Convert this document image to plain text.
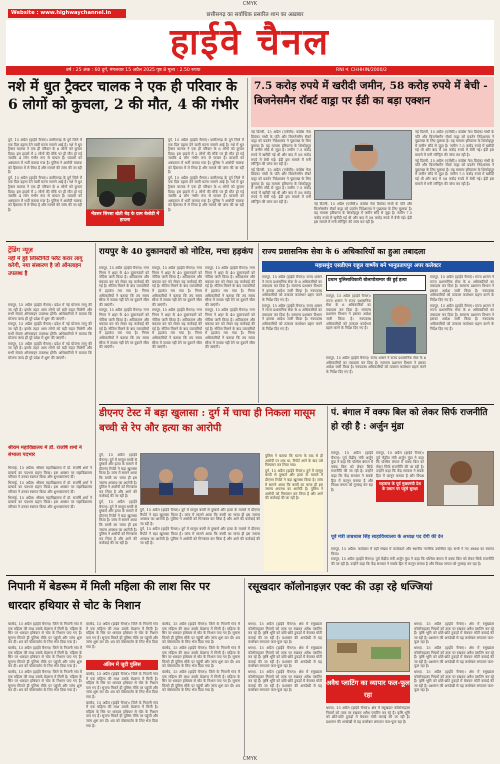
Website : www.highwaychannel.in
CMYK
छत्तीसगढ़ का सर्वाधिक प्रसारित शाम का अख़बार
हाईवे चैनल
वर्ष : 25 अंक : 60 दुर्ग, मंगलवार 15 अप्रैल 2025 पृष्ठ 8 मूल्य : 2.50 रुपया	RNI नं. CHHHIN/2000/2
नशे में धुत ट्रैक्टर चालक ने एक ही परिवार के 6 लोगों को कुचला, 2 की मौत, 4 की गंभीर

दुर्ग, 15 अप्रैल (हाईवे चैनल)। छत्तीसगढ़ के दुर्ग जिले में एक दिल दहला देने वाली घटना सामने आई है। नशे में धुत ट्रैक्टर चालक ने एक ही परिवार के 6 लोगों को कुचल दिया। इस हादसे में 2 लोगों की मौके पर ही मौत हो गई जबकि 4 लोग गंभीर रूप से घायल हैं। घायलों को अस्पताल में भर्ती कराया गया है। पुलिस ने आरोपी चालक को हिरासत में ले लिया है और मामले की जांच की जा रही है।

दुर्ग, 15 अप्रैल (हाईवे चैनल)। छत्तीसगढ़ के दुर्ग जिले में एक दिल दहला देने वाली घटना सामने आई है। नशे में धुत ट्रैक्टर चालक ने एक ही परिवार के 6 लोगों को कुचल दिया। इस हादसे में 2 लोगों की मौके पर ही मौत हो गई जबकि 4 लोग गंभीर रूप से घायल हैं। घायलों को अस्पताल में भर्ती कराया गया है। पुलिस ने आरोपी चालक को हिरासत में ले लिया है और मामले की जांच की जा रही है।

भेंडसर सिरसा खेती बेड़ के ग्राम बेलोडी में हादसा

दुर्ग, 15 अप्रैल (हाईवे चैनल)। छत्तीसगढ़ के दुर्ग जिले में एक दिल दहला देने वाली घटना सामने आई है। नशे में धुत ट्रैक्टर चालक ने एक ही परिवार के 6 लोगों को कुचल दिया। इस हादसे में 2 लोगों की मौके पर ही मौत हो गई जबकि 4 लोग गंभीर रूप से घायल हैं। घायलों को अस्पताल में भर्ती कराया गया है। पुलिस ने आरोपी चालक को हिरासत में ले लिया है और मामले की जांच की जा रही है।

दुर्ग, 15 अप्रैल (हाईवे चैनल)। छत्तीसगढ़ के दुर्ग जिले में एक दिल दहला देने वाली घटना सामने आई है। नशे में धुत ट्रैक्टर चालक ने एक ही परिवार के 6 लोगों को कुचल दिया। इस हादसे में 2 लोगों की मौके पर ही मौत हो गई जबकि 4 लोग गंभीर रूप से घायल हैं। घायलों को अस्पताल में भर्ती कराया गया है। पुलिस ने आरोपी चालक को हिरासत में ले लिया है और मामले की जांच की जा रही है।

7.5 करोड़ रुपये में खरीदी जमीन, 58 करोड़ रुपये में बेची - बिजनेसमैन रॉबर्ट वाड्रा पर ईडी का बड़ा एक्शन

नई दिल्ली, 15 अप्रैल (एजेंसी)। कांग्रेस नेता प्रियंका गांधी के पति और बिजनेसमैन रॉबर्ट वाड्रा को प्रवर्तन निदेशालय ने पूछताछ के लिए बुलाया है। यह मामला हरियाणा के शिकोहपुर में जमीन सौदे से जुड़ा है। जमीन 7.5 करोड़ रुपये में खरीदी गई थी और बाद में 58 करोड़ रुपये में बेची गई। ईडी इस मामले में मनी लॉन्ड्रिंग की जांच कर रही है।

नई दिल्ली, 15 अप्रैल (एजेंसी)। कांग्रेस नेता प्रियंका गांधी के पति और बिजनेसमैन रॉबर्ट वाड्रा को प्रवर्तन निदेशालय ने पूछताछ के लिए बुलाया है। यह मामला हरियाणा के शिकोहपुर में जमीन सौदे से जुड़ा है। जमीन 7.5 करोड़ रुपये में खरीदी गई थी और बाद में 58 करोड़ रुपये में बेची गई। ईडी इस मामले में मनी लॉन्ड्रिंग की जांच कर रही है।

नई दिल्ली, 15 अप्रैल (एजेंसी)। कांग्रेस नेता प्रियंका गांधी के पति और बिजनेसमैन रॉबर्ट वाड्रा को प्रवर्तन निदेशालय ने पूछताछ के लिए बुलाया है। यह मामला हरियाणा के शिकोहपुर में जमीन सौदे से जुड़ा है। जमीन 7.5 करोड़ रुपये में खरीदी गई थी और बाद में 58 करोड़ रुपये में बेची गई। ईडी इस मामले में मनी लॉन्ड्रिंग की जांच कर रही है।

नई दिल्ली, 15 अप्रैल (एजेंसी)। कांग्रेस नेता प्रियंका गांधी के पति और बिजनेसमैन रॉबर्ट वाड्रा को प्रवर्तन निदेशालय ने पूछताछ के लिए बुलाया है। यह मामला हरियाणा के शिकोहपुर में जमीन सौदे से जुड़ा है। जमीन 7.5 करोड़ रुपये में खरीदी गई थी और बाद में 58 करोड़ रुपये में बेची गई। ईडी इस मामले में मनी लॉन्ड्रिंग की जांच कर रही है।

नई दिल्ली, 15 अप्रैल (एजेंसी)। कांग्रेस नेता प्रियंका गांधी के पति और बिजनेसमैन रॉबर्ट वाड्रा को प्रवर्तन निदेशालय ने पूछताछ के लिए बुलाया है। यह मामला हरियाणा के शिकोहपुर में जमीन सौदे से जुड़ा है। जमीन 7.5 करोड़ रुपये में खरीदी गई थी और बाद में 58 करोड़ रुपये में बेची गई। ईडी इस मामले में मनी लॉन्ड्रिंग की जांच कर रही है।

ट्रेंडिंग न्यूज़
नहीं में हुई लिस्टिंगिंटी फ्लैट करार लागू करेगी, नया संस्करण है जो ऑनलाइन उपलब्ध है

रायपुर, 15 अप्रैल (हाईवे चैनल)। प्रदेश में नई योजना लागू की जा रही है। इसके तहत आम लोगों को बड़ी राहत मिलेगी और सभी सेवाएं ऑनलाइन उपलब्ध होंगी। अधिकारियों ने बताया कि योजना जल्द ही पूरे प्रदेश में शुरू की जाएगी।

रायपुर, 15 अप्रैल (हाईवे चैनल)। प्रदेश में नई योजना लागू की जा रही है। इसके तहत आम लोगों को बड़ी राहत मिलेगी और सभी सेवाएं ऑनलाइन उपलब्ध होंगी। अधिकारियों ने बताया कि योजना जल्द ही पूरे प्रदेश में शुरू की जाएगी।

रायपुर, 15 अप्रैल (हाईवे चैनल)। प्रदेश में नई योजना लागू की जा रही है। इसके तहत आम लोगों को बड़ी राहत मिलेगी और सभी सेवाएं ऑनलाइन उपलब्ध होंगी। अधिकारियों ने बताया कि योजना जल्द ही पूरे प्रदेश में शुरू की जाएगी।

श्रीराम महाविद्यालय में डॉ. राजर्षि शर्मा ने संभाला पदभार

भिलाई, 15 अप्रैल। श्रीराम महाविद्यालय में डॉ. राजर्षि शर्मा ने प्राचार्य का पदभार ग्रहण किया। इस अवसर पर महाविद्यालय परिवार ने उनका स्वागत किया और शुभकामनाएं दीं।

भिलाई, 15 अप्रैल। श्रीराम महाविद्यालय में डॉ. राजर्षि शर्मा ने प्राचार्य का पदभार ग्रहण किया। इस अवसर पर महाविद्यालय परिवार ने उनका स्वागत किया और शुभकामनाएं दीं।

भिलाई, 15 अप्रैल। श्रीराम महाविद्यालय में डॉ. राजर्षि शर्मा ने प्राचार्य का पदभार ग्रहण किया। इस अवसर पर महाविद्यालय परिवार ने उनका स्वागत किया और शुभकामनाएं दीं।

रायपुर के 40 दुकानदारों को नोटिस, मचा हड़कंप

रायपुर, 15 अप्रैल (हाईवे चैनल)। नगर निगम ने शहर के 40 दुकानदारों को नोटिस जारी किया है। अतिक्रमण और बकाया कर को लेकर यह कार्रवाई की गई है। नोटिस मिलने के बाद व्यापारियों में हड़कंप मच गया है। निगम अधिकारियों ने बताया कि तय समय सीमा में जवाब नहीं देने पर दुकानें सील की जाएंगी।

रायपुर, 15 अप्रैल (हाईवे चैनल)। नगर निगम ने शहर के 40 दुकानदारों को नोटिस जारी किया है। अतिक्रमण और बकाया कर को लेकर यह कार्रवाई की गई है। नोटिस मिलने के बाद व्यापारियों में हड़कंप मच गया है। निगम अधिकारियों ने बताया कि तय समय सीमा में जवाब नहीं देने पर दुकानें सील की जाएंगी।

रायपुर, 15 अप्रैल (हाईवे चैनल)। नगर निगम ने शहर के 40 दुकानदारों को नोटिस जारी किया है। अतिक्रमण और बकाया कर को लेकर यह कार्रवाई की गई है। नोटिस मिलने के बाद व्यापारियों में हड़कंप मच गया है। निगम अधिकारियों ने बताया कि तय समय सीमा में जवाब नहीं देने पर दुकानें सील की जाएंगी।

रायपुर, 15 अप्रैल (हाईवे चैनल)। नगर निगम ने शहर के 40 दुकानदारों को नोटिस जारी किया है। अतिक्रमण और बकाया कर को लेकर यह कार्रवाई की गई है। नोटिस मिलने के बाद व्यापारियों में हड़कंप मच गया है। निगम अधिकारियों ने बताया कि तय समय सीमा में जवाब नहीं देने पर दुकानें सील की जाएंगी।

रायपुर, 15 अप्रैल (हाईवे चैनल)। नगर निगम ने शहर के 40 दुकानदारों को नोटिस जारी किया है। अतिक्रमण और बकाया कर को लेकर यह कार्रवाई की गई है। नोटिस मिलने के बाद व्यापारियों में हड़कंप मच गया है। निगम अधिकारियों ने बताया कि तय समय सीमा में जवाब नहीं देने पर दुकानें सील की जाएंगी।

रायपुर, 15 अप्रैल (हाईवे चैनल)। नगर निगम ने शहर के 40 दुकानदारों को नोटिस जारी किया है। अतिक्रमण और बकाया कर को लेकर यह कार्रवाई की गई है। नोटिस मिलने के बाद व्यापारियों में हड़कंप मच गया है। निगम अधिकारियों ने बताया कि तय समय सीमा में जवाब नहीं देने पर दुकानें सील की जाएंगी।

राज्य प्रशासनिक सेवा के 6 अधिकारियों का हुआ तबादला
महासमुंद एसडीएम राहुल वार्ष्णेय बने भानुप्रतापपुर अपर कलेक्टर

रायपुर, 15 अप्रैल (हाईवे चैनल)। राज्य शासन ने राज्य प्रशासनिक सेवा के 6 अधिकारियों का तबादला कर दिया है। सामान्य प्रशासन विभाग ने इसका आदेश जारी किया है। नवपदस्थ अधिकारियों को तत्काल कार्यभार ग्रहण करने के निर्देश दिए गए हैं।

रायपुर, 15 अप्रैल (हाईवे चैनल)। राज्य शासन ने राज्य प्रशासनिक सेवा के 6 अधिकारियों का तबादला कर दिया है। सामान्य प्रशासन विभाग ने इसका आदेश जारी किया है। नवपदस्थ अधिकारियों को तत्काल कार्यभार ग्रहण करने के निर्देश दिए गए हैं।

प्रधान पुलिसाधिकारी बोलापोत्रामार की हुई हत्या

रायपुर, 15 अप्रैल (हाईवे चैनल)। राज्य शासन ने राज्य प्रशासनिक सेवा के 6 अधिकारियों का तबादला कर दिया है। सामान्य प्रशासन विभाग ने इसका आदेश जारी किया है। नवपदस्थ अधिकारियों को तत्काल कार्यभार ग्रहण करने के निर्देश दिए गए हैं।

रायपुर, 15 अप्रैल (हाईवे चैनल)। राज्य शासन ने राज्य प्रशासनिक सेवा के 6 अधिकारियों का तबादला कर दिया है। सामान्य प्रशासन विभाग ने इसका आदेश जारी किया है। नवपदस्थ अधिकारियों को तत्काल कार्यभार ग्रहण करने के निर्देश दिए गए हैं।

रायपुर, 15 अप्रैल (हाईवे चैनल)। राज्य शासन ने राज्य प्रशासनिक सेवा के 6 अधिकारियों का तबादला कर दिया है। सामान्य प्रशासन विभाग ने इसका आदेश जारी किया है। नवपदस्थ अधिकारियों को तत्काल कार्यभार ग्रहण करने के निर्देश दिए गए हैं।

रायपुर, 15 अप्रैल (हाईवे चैनल)। राज्य शासन ने राज्य प्रशासनिक सेवा के 6 अधिकारियों का तबादला कर दिया है। सामान्य प्रशासन विभाग ने इसका आदेश जारी किया है। नवपदस्थ अधिकारियों को तत्काल कार्यभार ग्रहण करने के निर्देश दिए गए हैं।

डीएनए टेस्ट में बड़ा खुलासा : दुर्ग में चाचा ही निकला मासूम बच्ची से रेप और हत्या का आरोपी

दुर्ग, 15 अप्रैल (हाईवे चैनल)। दुर्ग में मासूम बच्ची से दुष्कर्म और हत्या के मामले में डीएनए रिपोर्ट ने बड़ा खुलासा किया है। जांच में सामने आया कि बच्ची का चाचा ही इस जघन्य अपराध का आरोपी है। पुलिस ने आरोपी को गिरफ्तार कर लिया है और आगे की कार्रवाई की जा रही है।

दुर्ग, 15 अप्रैल (हाईवे चैनल)। दुर्ग में मासूम बच्ची से दुष्कर्म और हत्या के मामले में डीएनए रिपोर्ट ने बड़ा खुलासा किया है। जांच में सामने आया कि बच्ची का चाचा ही इस जघन्य अपराध का आरोपी है। पुलिस ने आरोपी को गिरफ्तार कर लिया है और आगे की कार्रवाई की जा रही है।

दुर्ग, 15 अप्रैल (हाईवे चैनल)। दुर्ग में मासूम बच्ची से दुष्कर्म और हत्या के मामले में डीएनए रिपोर्ट ने बड़ा खुलासा किया है। जांच में सामने आया कि बच्ची का चाचा ही इस जघन्य अपराध का आरोपी है। पुलिस ने आरोपी को गिरफ्तार कर लिया है और आगे की कार्रवाई की जा रही है।

दुर्ग, 15 अप्रैल (हाईवे चैनल)। दुर्ग में मासूम बच्ची से दुष्कर्म और हत्या के मामले में डीएनए रिपोर्ट ने बड़ा खुलासा किया है। जांच में सामने आया कि बच्ची का चाचा ही इस जघन्य अपराध का आरोपी है। पुलिस ने आरोपी को गिरफ्तार कर लिया है और आगे की कार्रवाई की जा रही है।

पुलिस ने बताया कि घटना के बाद से ही आरोपी पर शक था, रिपोर्ट आने के बाद उसे गिरफ्तार कर लिया गया।

दुर्ग, 15 अप्रैल (हाईवे चैनल)। दुर्ग में मासूम बच्ची से दुष्कर्म और हत्या के मामले में डीएनए रिपोर्ट ने बड़ा खुलासा किया है। जांच में सामने आया कि बच्ची का चाचा ही इस जघन्य अपराध का आरोपी है। पुलिस ने आरोपी को गिरफ्तार कर लिया है और आगे की कार्रवाई की जा रही है।

पं. बंगाल में वक्फ बिल को लेकर सिर्फ राजनीति हो रही है : अर्जुन मुंडा

रायपुर, 15 अप्रैल (हाईवे चैनल)। पूर्व केंद्रीय मंत्री अर्जुन मुंडा ने कहा कि पश्चिम बंगाल में वक्फ बिल को लेकर सिर्फ राजनीति की जा रही है। उन्होंने कहा कि केंद्र सरकार ने सबके हित में कानून बनाया है और विपक्ष जनता को गुमराह कर रहा है।

महाराज के पूर्व मुख्यमंत्री देश के प्रधान पर पहुंचे सुरक्षा

रायपुर, 15 अप्रैल (हाईवे चैनल)। पूर्व केंद्रीय मंत्री अर्जुन मुंडा ने कहा कि पश्चिम बंगाल में वक्फ बिल को लेकर सिर्फ राजनीति की जा रही है। उन्होंने कहा कि केंद्र सरकार ने सबके हित में कानून बनाया है और विपक्ष

पूर्व मंत्री ताम्रध्वज सिंह साहाविध्यालय के अध्यक्ष पद देंगी की देन

रायपुर, 15 अप्रैल। कार्यक्रम में बड़ी संख्या में कार्यकर्ता और स्थानीय नागरिक उपस्थित रहे। सभी ने नए अध्यक्ष का स्वागत किया।

रायपुर, 15 अप्रैल (हाईवे चैनल)। पूर्व केंद्रीय मंत्री अर्जुन मुंडा ने कहा कि पश्चिम बंगाल में वक्फ बिल को लेकर सिर्फ राजनीति की जा रही है। उन्होंने कहा कि केंद्र सरकार ने सबके हित में कानून बनाया है और विपक्ष जनता को गुमराह कर रहा है।

निपानी में बेडरूम में मिली महिला की लाश सिर पर धारदार हथियार से चोट के निशान

बालोद, 15 अप्रैल (हाईवे चैनल)। जिले के निपानी गांव में एक महिला की लाश उसके बेडरूम में मिली है। महिला के सिर पर धारदार हथियार से चोट के निशान पाए गए हैं। सूचना मिलते ही पुलिस मौके पर पहुंची और जांच शुरू कर दी। शव को पोस्टमार्टम के लिए भेज दिया गया है।

बालोद, 15 अप्रैल (हाईवे चैनल)। जिले के निपानी गांव में एक महिला की लाश उसके बेडरूम में मिली है। महिला के सिर पर धारदार हथियार से चोट के निशान पाए गए हैं। सूचना मिलते ही पुलिस मौके पर पहुंची और जांच शुरू कर दी। शव को पोस्टमार्टम के लिए भेज दिया गया है।

बालोद, 15 अप्रैल (हाईवे चैनल)। जिले के निपानी गांव में एक महिला की लाश उसके बेडरूम में मिली है। महिला के सिर पर धारदार हथियार से चोट के निशान पाए गए हैं। सूचना मिलते ही पुलिस मौके पर पहुंची और जांच शुरू कर दी। शव को पोस्टमार्टम के लिए भेज दिया गया है।

अंतिम में जुटी पुलिस

बालोद, 15 अप्रैल (हाईवे चैनल)। जिले के निपानी गांव में एक महिला की लाश उसके बेडरूम में मिली है। महिला के सिर पर धारदार हथियार से चोट के निशान पाए गए हैं। सूचना मिलते ही पुलिस मौके पर पहुंची और जांच शुरू कर दी। शव को पोस्टमार्टम के लिए भेज दिया गया है।

बालोद, 15 अप्रैल (हाईवे चैनल)। जिले के निपानी गांव में एक महिला की लाश उसके बेडरूम में मिली है। महिला के सिर पर धारदार हथियार से चोट के निशान पाए गए हैं। सूचना मिलते ही पुलिस मौके पर पहुंची और जांच शुरू कर दी। शव को पोस्टमार्टम के लिए भेज दिया गया है।

बालोद, 15 अप्रैल (हाईवे चैनल)। जिले के निपानी गांव में एक महिला की लाश उसके बेडरूम में मिली है। महिला के सिर पर धारदार हथियार से चोट के निशान पाए गए हैं। सूचना मिलते ही पुलिस मौके पर पहुंची और जांच शुरू कर दी। शव को पोस्टमार्टम के लिए भेज दिया गया है।

बालोद, 15 अप्रैल (हाईवे चैनल)। जिले के निपानी गांव में एक महिला की लाश उसके बेडरूम में मिली है। महिला के सिर पर धारदार हथियार से चोट के निशान पाए गए हैं। सूचना मिलते ही पुलिस मौके पर पहुंची और जांच शुरू कर दी। शव को पोस्टमार्टम के लिए भेज दिया गया है।

बालोद, 15 अप्रैल (हाईवे चैनल)। जिले के निपानी गांव में एक महिला की लाश उसके बेडरूम में मिली है। महिला के सिर पर धारदार हथियार से चोट के निशान पाए गए हैं। सूचना मिलते ही पुलिस मौके पर पहुंची और जांच शुरू कर दी। शव को पोस्टमार्टम के लिए भेज दिया गया है।

बालोद, 15 अप्रैल (हाईवे चैनल)। जिले के निपानी गांव में एक महिला की लाश उसके बेडरूम में मिली है। महिला के सिर पर धारदार हथियार से चोट के निशान पाए गए हैं। सूचना मिलते ही पुलिस मौके पर पहुंची और जांच शुरू कर दी। शव को पोस्टमार्टम के लिए भेज दिया गया है।

रसूखदार कॉलोनाइज़र एक्ट की उड़ा रहे धज्जियां

धमधा, 15 अप्रैल (हाईवे चैनल)। क्षेत्र में रसूखदार कॉलोनाइज़र नियमों को ताक पर रखकर अवैध प्लाटिंग कर रहे हैं। कृषि भूमि को छोटे-छोटे टुकड़ों में बेचकर मोटी कमाई की जा रही है। प्रशासन की अनदेखी से यह कारोबार लगातार फल-फूल रहा है।

धमधा, 15 अप्रैल (हाईवे चैनल)। क्षेत्र में रसूखदार कॉलोनाइज़र नियमों को ताक पर रखकर अवैध प्लाटिंग कर रहे हैं। कृषि भूमि को छोटे-छोटे टुकड़ों में बेचकर मोटी कमाई की जा रही है। प्रशासन की अनदेखी से यह कारोबार लगातार फल-फूल रहा है।

धमधा, 15 अप्रैल (हाईवे चैनल)। क्षेत्र में रसूखदार कॉलोनाइज़र नियमों को ताक पर रखकर अवैध प्लाटिंग कर रहे हैं। कृषि भूमि को छोटे-छोटे टुकड़ों में बेचकर मोटी कमाई की जा रही है। प्रशासन की अनदेखी से यह कारोबार लगातार फल-फूल रहा है।

अवैध प्लाटिंग का व्यापार फल-फूल रहा

धमधा, 15 अप्रैल (हाईवे चैनल)। क्षेत्र में रसूखदार कॉलोनाइज़र नियमों को ताक पर रखकर अवैध प्लाटिंग कर रहे हैं। कृषि भूमि को छोटे-छोटे टुकड़ों में बेचकर मोटी कमाई की जा रही है। प्रशासन की अनदेखी से यह कारोबार लगातार फल-फूल रहा है।

धमधा, 15 अप्रैल (हाईवे चैनल)। क्षेत्र में रसूखदार कॉलोनाइज़र नियमों को ताक पर रखकर अवैध प्लाटिंग कर रहे हैं। कृषि भूमि को छोटे-छोटे टुकड़ों में बेचकर मोटी कमाई की जा रही है। प्रशासन की अनदेखी से यह कारोबार लगातार फल-फूल रहा है।

धमधा, 15 अप्रैल (हाईवे चैनल)। क्षेत्र में रसूखदार कॉलोनाइज़र नियमों को ताक पर रखकर अवैध प्लाटिंग कर रहे हैं। कृषि भूमि को छोटे-छोटे टुकड़ों में बेचकर मोटी कमाई की जा रही है। प्रशासन की अनदेखी से यह कारोबार लगातार फल-फूल रहा है।

धमधा, 15 अप्रैल (हाईवे चैनल)। क्षेत्र में रसूखदार कॉलोनाइज़र नियमों को ताक पर रखकर अवैध प्लाटिंग कर रहे हैं। कृषि भूमि को छोटे-छोटे टुकड़ों में बेचकर मोटी कमाई की जा रही है। प्रशासन की अनदेखी से यह कारोबार लगातार फल-फूल रहा है।

CMYK
